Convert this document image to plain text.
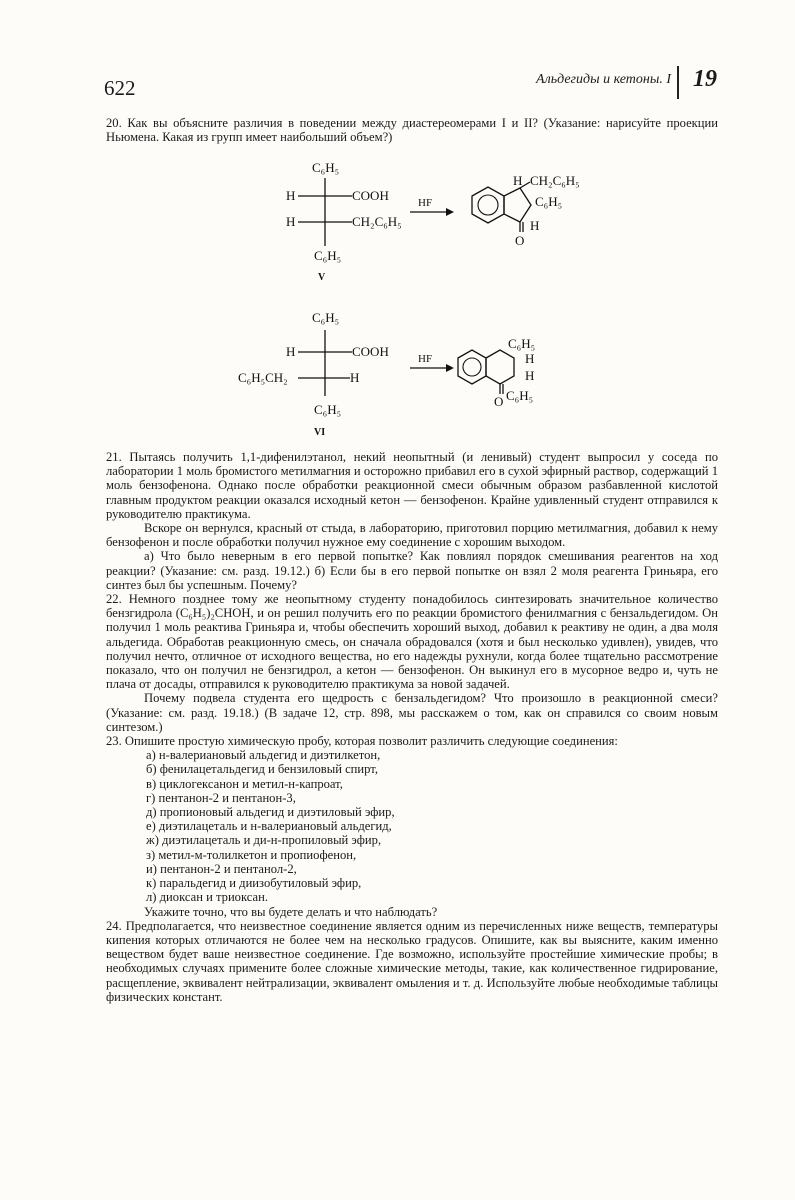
622	Альдегиды и кетоны. I 19

20. Как вы объясните различия в поведении между диастереомерами I и II? (Указание: нарисуйте проекции Ньюмена. Какая из групп имеет наибольший объем?)

C₆H₅
H	COOH
H	CH₂C₆H₅
C₆H₅
V
HF
O
H CH₂C₆H₅
C₆H₅
H
C₆H₅
H	COOH
C₆H₅CH₂	H
C₆H₅
VI
HF
O
C₆H₅
H
H
C₆H₅

21. Пытаясь получить 1,1-дифенилэтанол, некий неопытный (и ленивый) студент выпросил у соседа по лаборатории 1 моль бромистого метилмагния и осторожно прибавил его в сухой эфирный раствор, содержащий 1 моль бензофенона. Однако после обработки реакционной смеси обычным образом разбавленной кислотой главным продуктом реакции оказался исходный кетон — бензофенон. Крайне удивленный студент отправился к руководителю практикума.

Вскоре он вернулся, красный от стыда, в лабораторию, приготовил порцию метилмагния, добавил к нему бензофенон и после обработки получил нужное ему соединение с хорошим выходом.

а) Что было неверным в его первой попытке? Как повлиял порядок смешивания реагентов на ход реакции? (Указание: см. разд. 19.12.) б) Если бы в его первой попытке он взял 2 моля реагента Гриньяра, его синтез был бы успешным. Почему?

22. Немного позднее тому же неопытному студенту понадобилось синтезировать значительное количество бензгидрола (C₆H₅)₂CHOH, и он решил получить его по реакции бромистого фенилмагния с бензальдегидом. Он получил 1 моль реактива Гриньяра и, чтобы обеспечить хороший выход, добавил к реактиву не один, а два моля альдегида. Обработав реакционную смесь, он сначала обрадовался (хотя и был несколько удивлен), увидев, что получил нечто, отличное от исходного вещества, но его надежды рухнули, когда более тщательно рассмотрение показало, что он получил не бензгидрол, а кетон — бензофенон. Он выкинул его в мусорное ведро и, чуть не плача от досады, отправился к руководителю практикума за новой задачей.

Почему подвела студента его щедрость с бензальдегидом? Что произошло в реакционной смеси? (Указание: см. разд. 19.18.) (В задаче 12, стр. 898, мы расскажем о том, как он справился со своим новым синтезом.)

23. Опишите простую химическую пробу, которая позволит различить следующие соединения:

а) н-валериановый альдегид и диэтилкетон,
б) фенилацетальдегид и бензиловый спирт,
в) циклогексанон и метил-н-капроат,
г) пентанон-2 и пентанон-3,
д) пропионовый альдегид и диэтиловый эфир,
е) диэтилацеталь и н-валериановый альдегид,
ж) диэтилацеталь и ди-н-пропиловый эфир,
з) метил-м-толилкетон и пропиофенон,
и) пентанон-2 и пентанол-2,
к) паральдегид и диизобутиловый эфир,
л) диоксан и триоксан.

Укажите точно, что вы будете делать и что наблюдать?

24. Предполагается, что неизвестное соединение является одним из перечисленных ниже веществ, температуры кипения которых отличаются не более чем на несколько градусов. Опишите, как вы выясните, каким именно веществом будет ваше неизвестное соединение. Где возможно, используйте простейшие химические пробы; в необходимых случаях примените более сложные химические методы, такие, как количественное гидрирование, расщепление, эквивалент нейтрализации, эквивалент омыления и т. д. Используйте любые необходимые таблицы физических констант.
